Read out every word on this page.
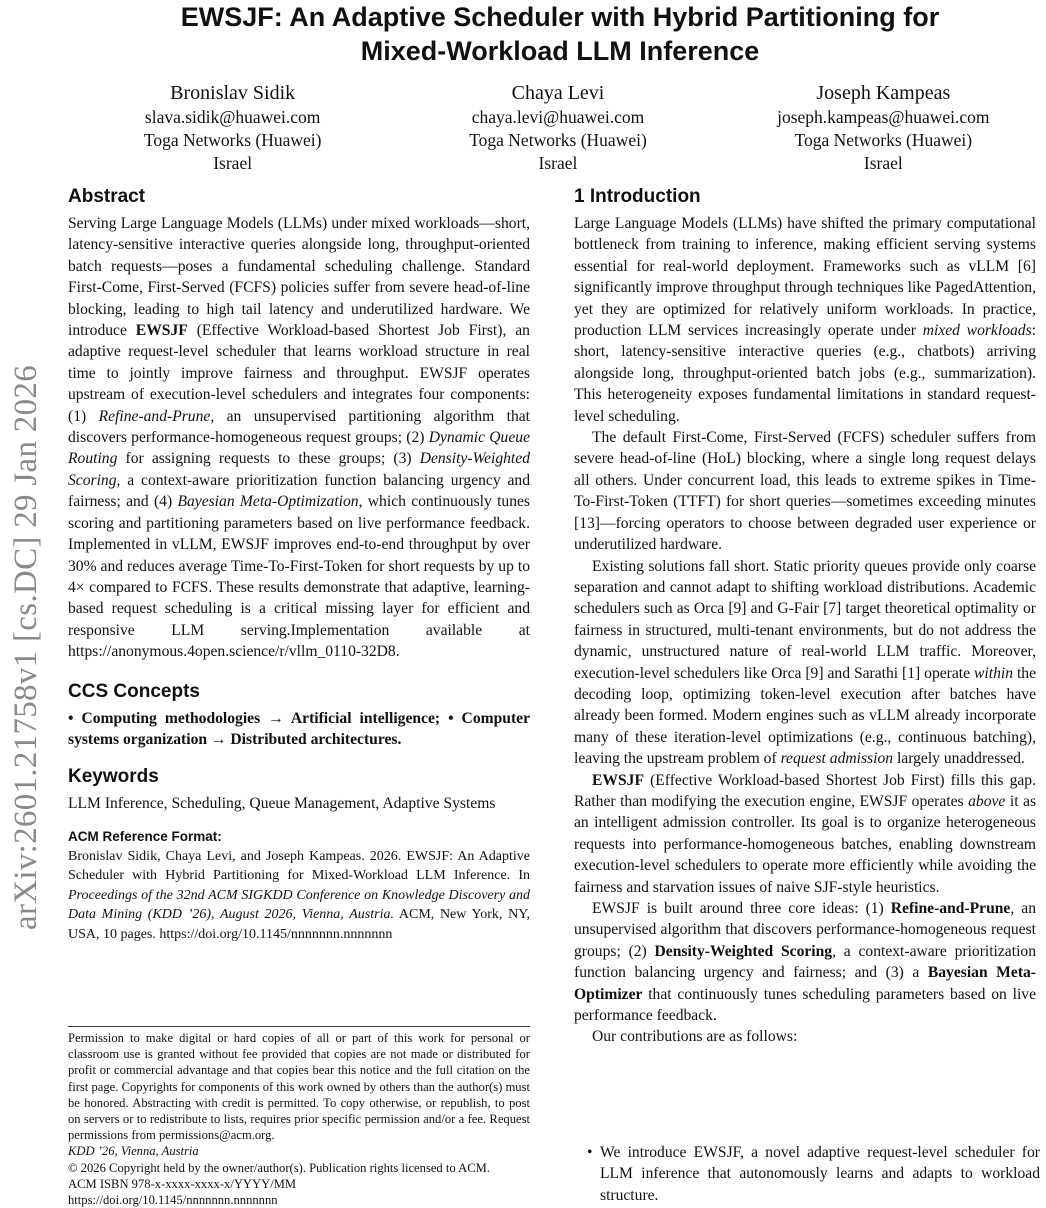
arXiv:2601.21758v1 [cs.DC] 29 Jan 2026
EWSJF: An Adaptive Scheduler with Hybrid Partitioning for
Mixed-Workload LLM Inference
Bronislav Sidik
slava.sidik@huawei.com
Toga Networks (Huawei)
Israel
Chaya Levi
chaya.levi@huawei.com
Toga Networks (Huawei)
Israel
Joseph Kampeas
joseph.kampeas@huawei.com
Toga Networks (Huawei)
Israel
Abstract

Serving Large Language Models (LLMs) under mixed workloads—short, latency-sensitive interactive queries alongside long, throughput-oriented batch requests—poses a fundamental scheduling challenge. Standard First-Come, First-Served (FCFS) policies suffer from severe head-of-line blocking, leading to high tail latency and underutilized hardware. We introduce EWSJF (Effective Workload-based Shortest Job First), an adaptive request-level scheduler that learns workload structure in real time to jointly improve fairness and throughput. EWSJF operates upstream of execution-level schedulers and integrates four components: (1) Refine-and-Prune, an unsupervised partitioning algorithm that discovers performance-homogeneous request groups; (2) Dynamic Queue Routing for assigning requests to these groups; (3) Density-Weighted Scoring, a context-aware prioritization function balancing urgency and fairness; and (4) Bayesian Meta-Optimization, which continuously tunes scoring and partitioning parameters based on live performance feedback. Implemented in vLLM, EWSJF improves end-to-end throughput by over 30% and reduces average Time-To-First-Token for short requests by up to 4× compared to FCFS. These results demonstrate that adaptive, learning-based request scheduling is a critical missing layer for efficient and responsive LLM serving.Implementation available at https://anonymous.4open.science/r/vllm_0110-32D8.

CCS Concepts

• Computing methodologies → Artificial intelligence; • Computer systems organization → Distributed architectures.

Keywords

LLM Inference, Scheduling, Queue Management, Adaptive Systems

ACM Reference Format:

Bronislav Sidik, Chaya Levi, and Joseph Kampeas. 2026. EWSJF: An Adaptive Scheduler with Hybrid Partitioning for Mixed-Workload LLM Inference. In Proceedings of the 32nd ACM SIGKDD Conference on Knowledge Discovery and Data Mining (KDD ’26), August 2026, Vienna, Austria. ACM, New York, NY, USA, 10 pages. https://doi.org/10.1145/nnnnnnn.nnnnnnn

Permission to make digital or hard copies of all or part of this work for personal or classroom use is granted without fee provided that copies are not made or distributed for profit or commercial advantage and that copies bear this notice and the full citation on the first page. Copyrights for components of this work owned by others than the author(s) must be honored. Abstracting with credit is permitted. To copy otherwise, or republish, to post on servers or to redistribute to lists, requires prior specific permission and/or a fee. Request permissions from permissions@acm.org.

KDD ’26, Vienna, Austria
© 2026 Copyright held by the owner/author(s). Publication rights licensed to ACM.
ACM ISBN 978-x-xxxx-xxxx-x/YYYY/MM
https://doi.org/10.1145/nnnnnnn.nnnnnnn
1 Introduction

Large Language Models (LLMs) have shifted the primary computational bottleneck from training to inference, making efficient serving systems essential for real-world deployment. Frameworks such as vLLM [6] significantly improve throughput through techniques like PagedAttention, yet they are optimized for relatively uniform workloads. In practice, production LLM services increasingly operate under mixed workloads: short, latency-sensitive interactive queries (e.g., chatbots) arriving alongside long, throughput-oriented batch jobs (e.g., summarization). This heterogeneity exposes fundamental limitations in standard request-level scheduling.

The default First-Come, First-Served (FCFS) scheduler suffers from severe head-of-line (HoL) blocking, where a single long request delays all others. Under concurrent load, this leads to extreme spikes in Time-To-First-Token (TTFT) for short queries—sometimes exceeding minutes [13]—forcing operators to choose between degraded user experience or underutilized hardware.

Existing solutions fall short. Static priority queues provide only coarse separation and cannot adapt to shifting workload distributions. Academic schedulers such as Orca [9] and G-Fair [7] target theoretical optimality or fairness in structured, multi-tenant environments, but do not address the dynamic, unstructured nature of real-world LLM traffic. Moreover, execution-level schedulers like Orca [9] and Sarathi [1] operate within the decoding loop, optimizing token-level execution after batches have already been formed. Modern engines such as vLLM already incorporate many of these iteration-level optimizations (e.g., continuous batching), leaving the upstream problem of request admission largely unaddressed.

EWSJF (Effective Workload-based Shortest Job First) fills this gap. Rather than modifying the execution engine, EWSJF operates above it as an intelligent admission controller. Its goal is to organize heterogeneous requests into performance-homogeneous batches, enabling downstream execution-level schedulers to operate more efficiently while avoiding the fairness and starvation issues of naive SJF-style heuristics.

EWSJF is built around three core ideas: (1) Refine-and-Prune, an unsupervised algorithm that discovers performance-homogeneous request groups; (2) Density-Weighted Scoring, a context-aware prioritization function balancing urgency and fairness; and (3) a Bayesian Meta-Optimizer that continuously tunes scheduling parameters based on live performance feedback.

Our contributions are as follows:

• We introduce EWSJF, a novel adaptive request-level scheduler for LLM inference that autonomously learns and adapts to workload structure.
